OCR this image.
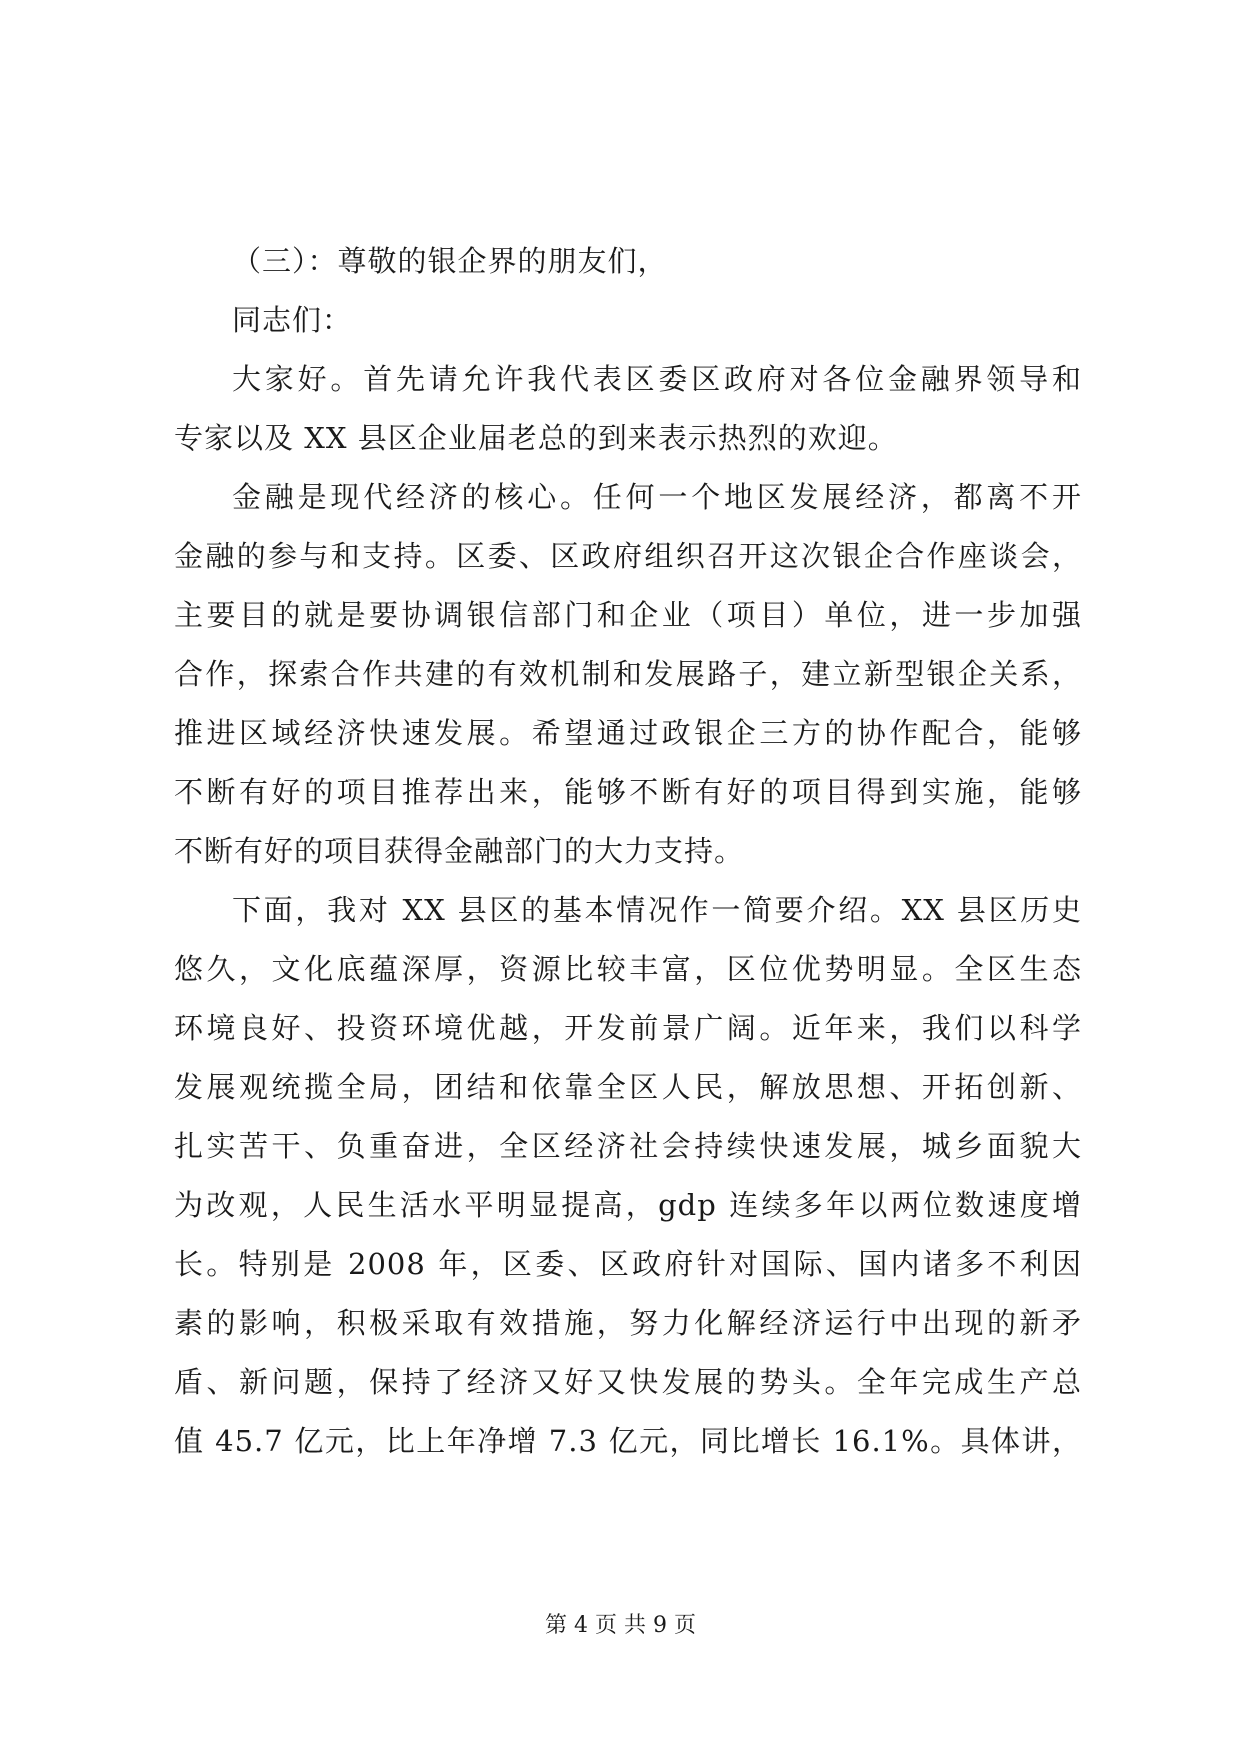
（三）：尊敬的银企界的朋友们，
同志们：
大家好。首先请允许我代表区委区政府对各位金融界领导和
专家以及 XX 县区企业届老总的到来表示热烈的欢迎。
金融是现代经济的核心。任何一个地区发展经济，都离不开
金融的参与和支持。区委、区政府组织召开这次银企合作座谈会，
主要目的就是要协调银信部门和企业（项目）单位，进一步加强
合作，探索合作共建的有效机制和发展路子，建立新型银企关系，
推进区域经济快速发展。希望通过政银企三方的协作配合，能够
不断有好的项目推荐出来，能够不断有好的项目得到实施，能够
不断有好的项目获得金融部门的大力支持。
下面，我对 XX 县区的基本情况作一简要介绍。XX 县区历史
悠久，文化底蕴深厚，资源比较丰富，区位优势明显。全区生态
环境良好、投资环境优越，开发前景广阔。近年来，我们以科学
发展观统揽全局，团结和依靠全区人民，解放思想、开拓创新、
扎实苦干、负重奋进，全区经济社会持续快速发展，城乡面貌大
为改观，人民生活水平明显提高，gdp 连续多年以两位数速度增
长。特别是 2008 年，区委、区政府针对国际、国内诸多不利因
素的影响，积极采取有效措施，努力化解经济运行中出现的新矛
盾、新问题，保持了经济又好又快发展的势头。全年完成生产总
值 45.7 亿元，比上年净增 7.3 亿元，同比增长 16.1%。具体讲，
第 4 页 共 9 页
